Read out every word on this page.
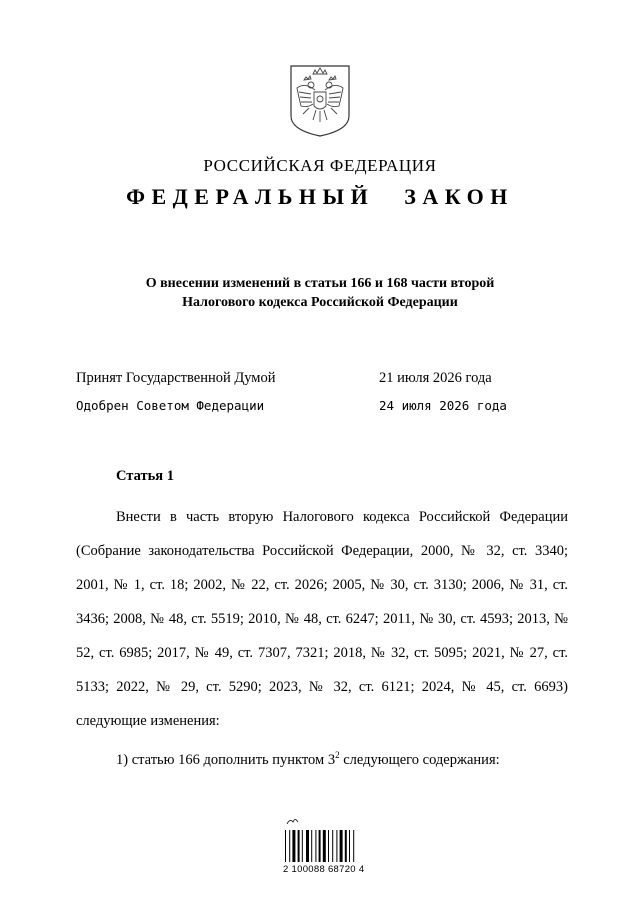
РОССИЙСКАЯ ФЕДЕРАЦИЯ
ФЕДЕРАЛЬНЫЙ ЗАКОН
О внесении изменений в статьи 166 и 168 части второй
Налогового кодекса Российской Федерации
Принят Государственной Думой	21 июля 2026 года
Одобрен Советом Федерации	24 июля 2026 года
Статья 1

Внести в часть вторую Налогового кодекса Российской Федерации (Собрание законодательства Российской Федерации, 2000, № 32, ст. 3340; 2001, № 1, ст. 18; 2002, № 22, ст. 2026; 2005, № 30, ст. 3130; 2006, № 31, ст. 3436; 2008, № 48, ст. 5519; 2010, № 48, ст. 6247; 2011, № 30, ст. 4593; 2013, № 52, ст. 6985; 2017, № 49, ст. 7307, 7321; 2018, № 32, ст. 5095; 2021, № 27, ст. 5133; 2022, № 29, ст. 5290; 2023, № 32, ст. 6121; 2024, № 45, ст. 6693) следующие изменения:

1) статью 166 дополнить пунктом $3^2$ следующего содержания:

2 100088 68720 4
